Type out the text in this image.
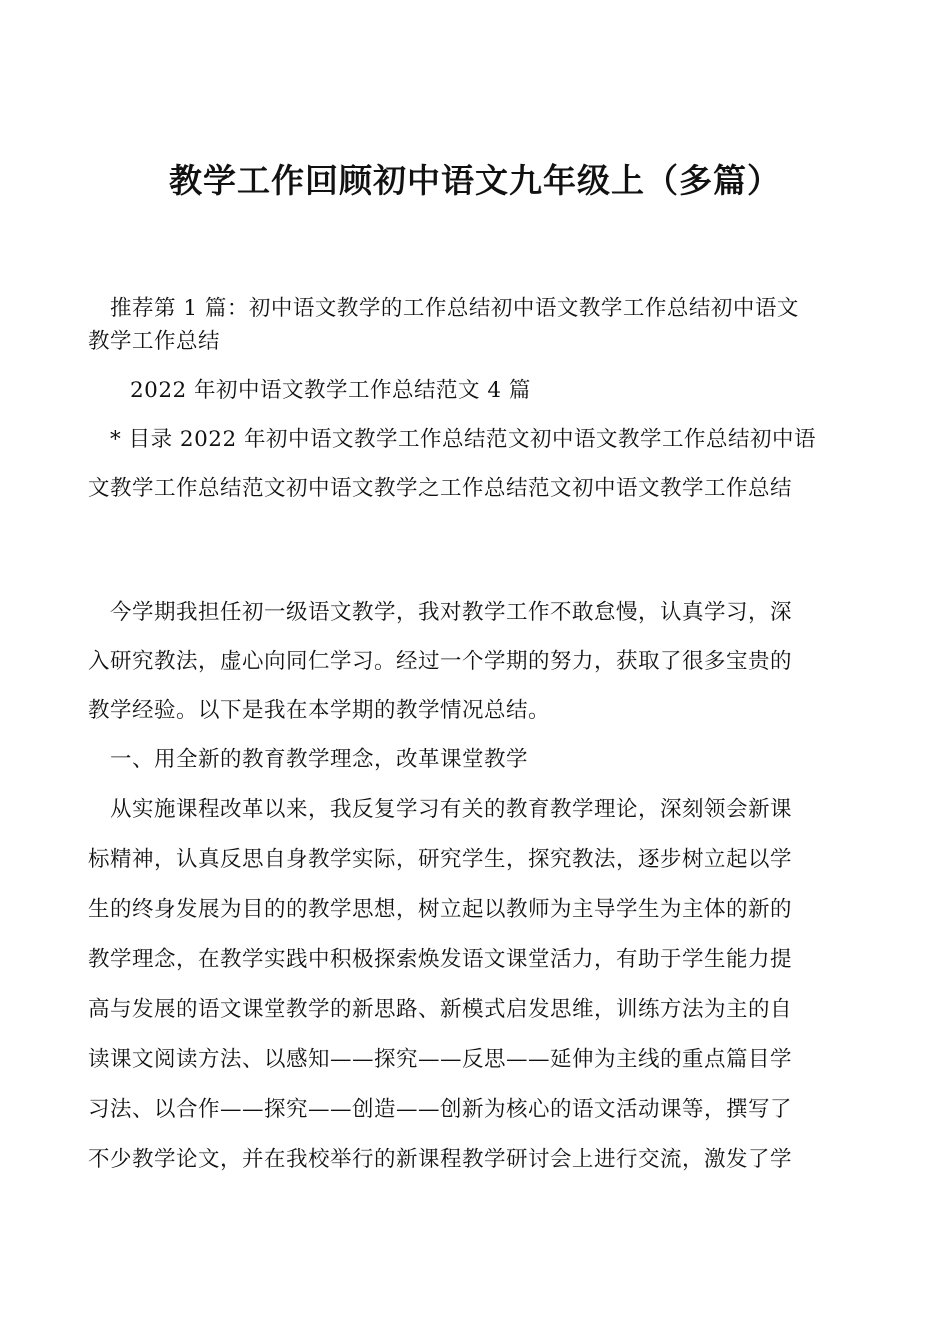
教学工作回顾初中语文九年级上（多篇）
推荐第 1 篇：初中语文教学的工作总结初中语文教学工作总结初中语文
教学工作总结
2022 年初中语文教学工作总结范文 4 篇
* 目录 2022 年初中语文教学工作总结范文初中语文教学工作总结初中语
文教学工作总结范文初中语文教学之工作总结范文初中语文教学工作总结
今学期我担任初一级语文教学，我对教学工作不敢怠慢，认真学习，深
入研究教法，虚心向同仁学习。经过一个学期的努力，获取了很多宝贵的
教学经验。以下是我在本学期的教学情况总结。
一、用全新的教育教学理念，改革课堂教学
从实施课程改革以来，我反复学习有关的教育教学理论，深刻领会新课
标精神，认真反思自身教学实际，研究学生，探究教法，逐步树立起以学
生的终身发展为目的的教学思想，树立起以教师为主导学生为主体的新的
教学理念，在教学实践中积极探索焕发语文课堂活力，有助于学生能力提
高与发展的语文课堂教学的新思路、新模式启发思维，训练方法为主的自
读课文阅读方法、以感知——探究——反思——延伸为主线的重点篇目学
习法、以合作——探究——创造——创新为核心的语文活动课等，撰写了
不少教学论文，并在我校举行的新课程教学研讨会上进行交流，激发了学
